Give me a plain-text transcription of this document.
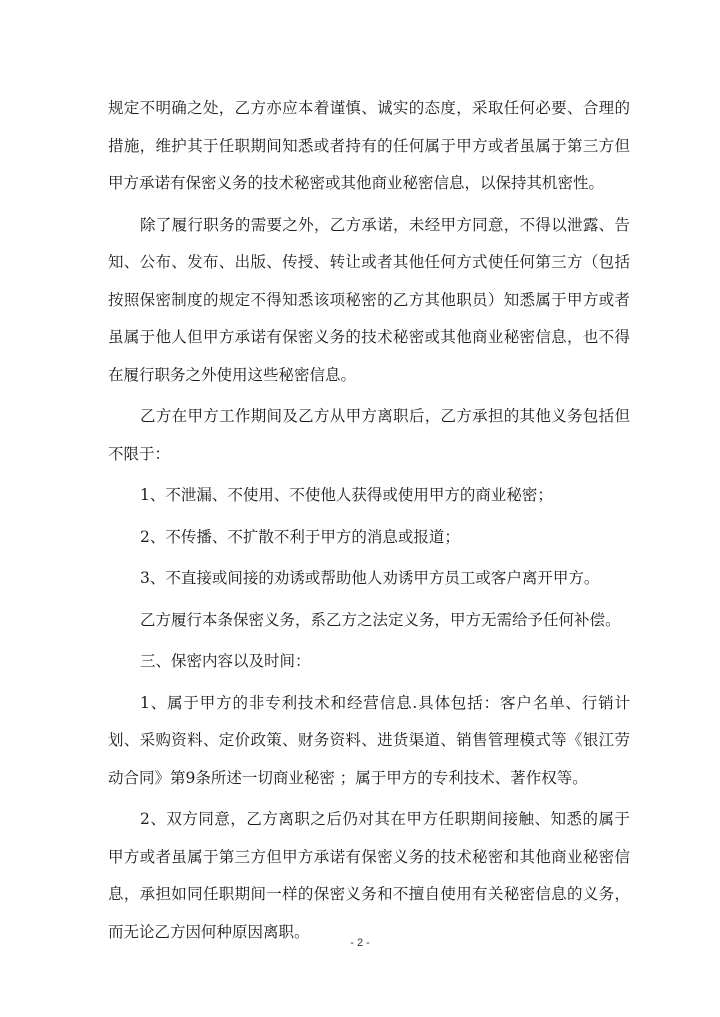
规定不明确之处，乙方亦应本着谨慎、诚实的态度，采取任何必要、合理的措施，维护其于任职期间知悉或者持有的任何属于甲方或者虽属于第三方但甲方承诺有保密义务的技术秘密或其他商业秘密信息，以保持其机密性。

除了履行职务的需要之外，乙方承诺，未经甲方同意，不得以泄露、告知、公布、发布、出版、传授、转让或者其他任何方式使任何第三方（包括按照保密制度的规定不得知悉该项秘密的乙方其他职员）知悉属于甲方或者虽属于他人但甲方承诺有保密义务的技术秘密或其他商业秘密信息，也不得在履行职务之外使用这些秘密信息。

乙方在甲方工作期间及乙方从甲方离职后，乙方承担的其他义务包括但不限于：

1、不泄漏、不使用、不使他人获得或使用甲方的商业秘密；

2、不传播、不扩散不利于甲方的消息或报道；

3、不直接或间接的劝诱或帮助他人劝诱甲方员工或客户离开甲方。

乙方履行本条保密义务，系乙方之法定义务，甲方无需给予任何补偿。

三、保密内容以及时间：

1、属于甲方的非专利技术和经营信息.具体包括：客户名单、行销计划、采购资料、定价政策、财务资料、进货渠道、销售管理模式等《银江劳动合同》第9条所述一切商业秘密 ；属于甲方的专利技术、著作权等。

2、双方同意，乙方离职之后仍对其在甲方任职期间接触、知悉的属于甲方或者虽属于第三方但甲方承诺有保密义务的技术秘密和其他商业秘密信息，承担如同任职期间一样的保密义务和不擅自使用有关秘密信息的义务，而无论乙方因何种原因离职。

- 2 -
